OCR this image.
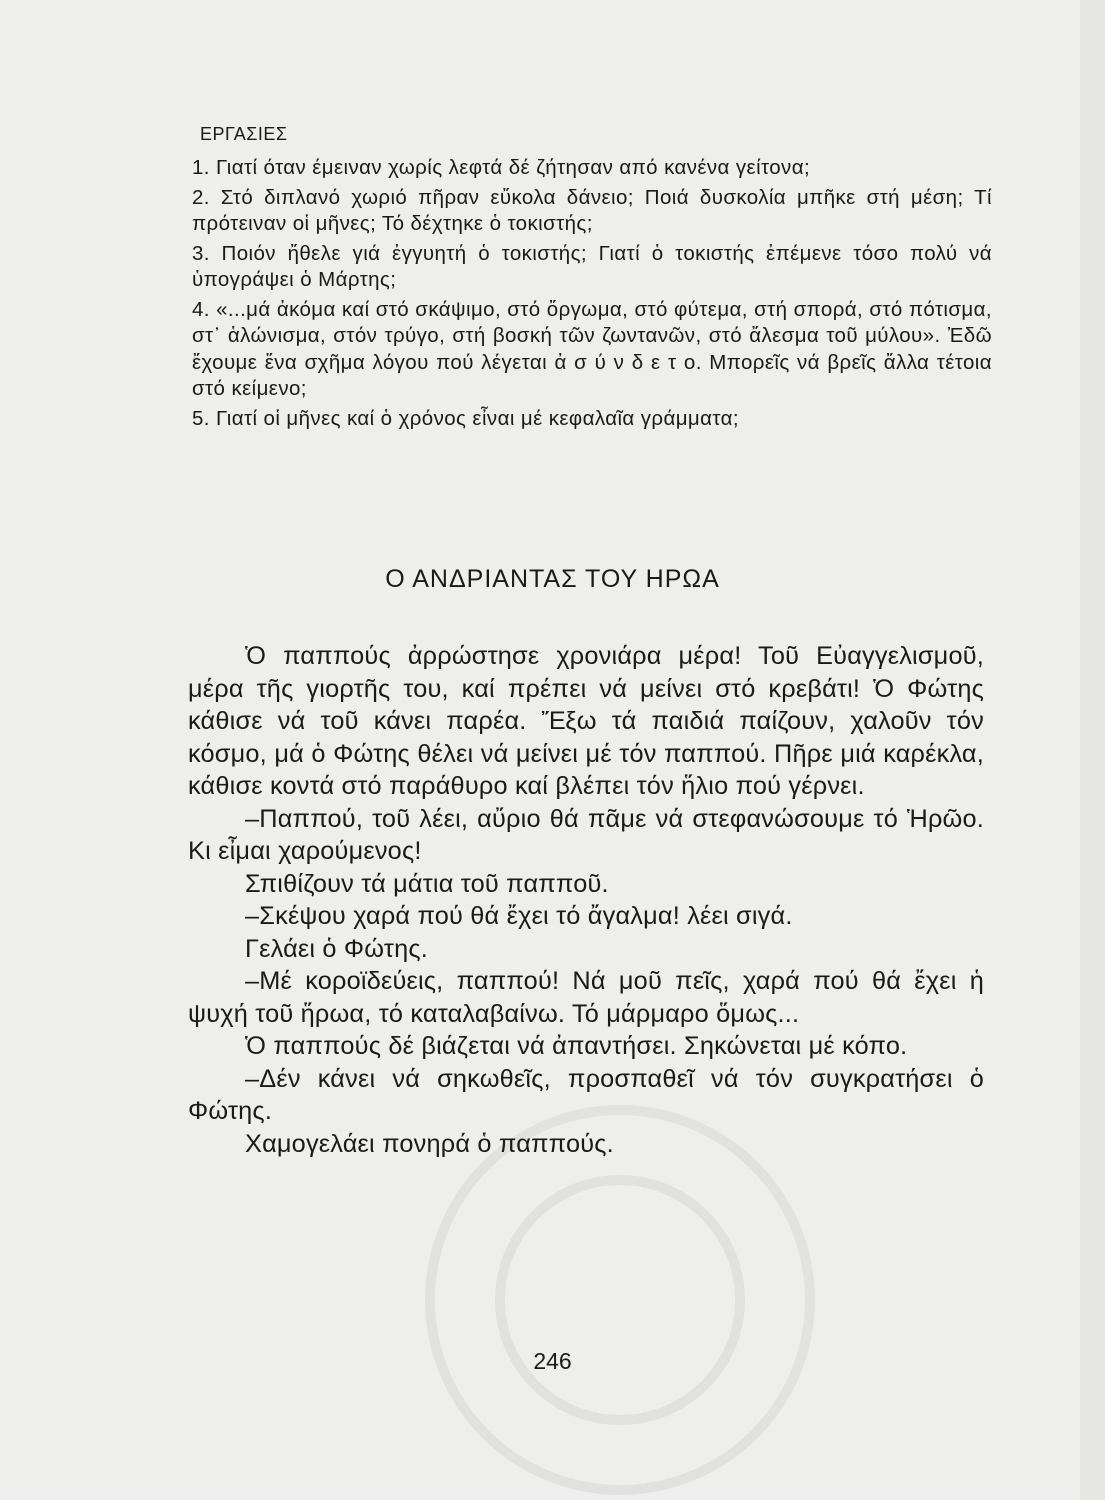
ΕΡΓΑΣΙΕΣ

1. Γιατί όταν έμειναν χωρίς λεφτά δέ ζήτησαν από κανένα γείτονα;

2. Στό διπλανό χωριό πῆραν εὔκολα δάνειο; Ποιά δυσκολία μπῆκε στή μέση; Τί πρότειναν οἱ μῆνες; Τό δέχτηκε ὁ τοκιστής;

3. Ποιόν ἤθελε γιά ἐγγυητή ὁ τοκιστής; Γιατί ὁ τοκιστής ἐπέμενε τόσο πολύ νά ὑπογράψει ὁ Μάρτης;

4. «...μά ἀκόμα καί στό σκάψιμο, στό ὄργωμα, στό φύτεμα, στή σπορά, στό πότισμα, στ᾽ ἁλώνισμα, στόν τρύγο, στή βοσκή τῶν ζωντανῶν, στό ἄλεσμα τοῦ μύλου». Ἐδῶ ἔχουμε ἕνα σχῆμα λόγου πού λέγεται ἀ σ ύ ν δ ε τ ο. Μπορεῖς νά βρεῖς ἄλλα τέτοια στό κείμενο;

5. Γιατί οἱ μῆνες καί ὁ χρόνος εἶναι μέ κεφαλαῖα γράμματα;

Ο ΑΝΔΡΙΑΝΤΑΣ ΤΟΥ ΗΡΩΑ

Ὁ παππούς ἀρρώστησε χρονιάρα μέρα! Τοῦ Εὐαγγελισμοῦ, μέρα τῆς γιορτῆς του, καί πρέπει νά μείνει στό κρεβάτι! Ὁ Φώτης κάθισε νά τοῦ κάνει παρέα. Ἔξω τά παιδιά παίζουν, χαλοῦν τόν κόσμο, μά ὁ Φώτης θέλει νά μείνει μέ τόν παππού. Πῆρε μιά καρέκλα, κάθισε κοντά στό παράθυρο καί βλέπει τόν ἥλιο πού γέρνει.

–Παππού, τοῦ λέει, αὔριο θά πᾶμε νά στεφανώσουμε τό Ἡρῶο. Κι εἶμαι χαρούμενος!

Σπιθίζουν τά μάτια τοῦ παπποῦ.

–Σκέψου χαρά πού θά ἔχει τό ἄγαλμα! λέει σιγά.

Γελάει ὁ Φώτης.

–Μέ κοροϊδεύεις, παππού! Νά μοῦ πεῖς, χαρά πού θά ἔχει ἡ ψυχή τοῦ ἥρωα, τό καταλαβαίνω. Τό μάρμαρο ὅμως...

Ὁ παππούς δέ βιάζεται νά ἀπαντήσει. Σηκώνεται μέ κόπο.

–Δέν κάνει νά σηκωθεῖς, προσπαθεῖ νά τόν συγκρατήσει ὁ Φώτης.

Χαμογελάει πονηρά ὁ παππούς.

246
